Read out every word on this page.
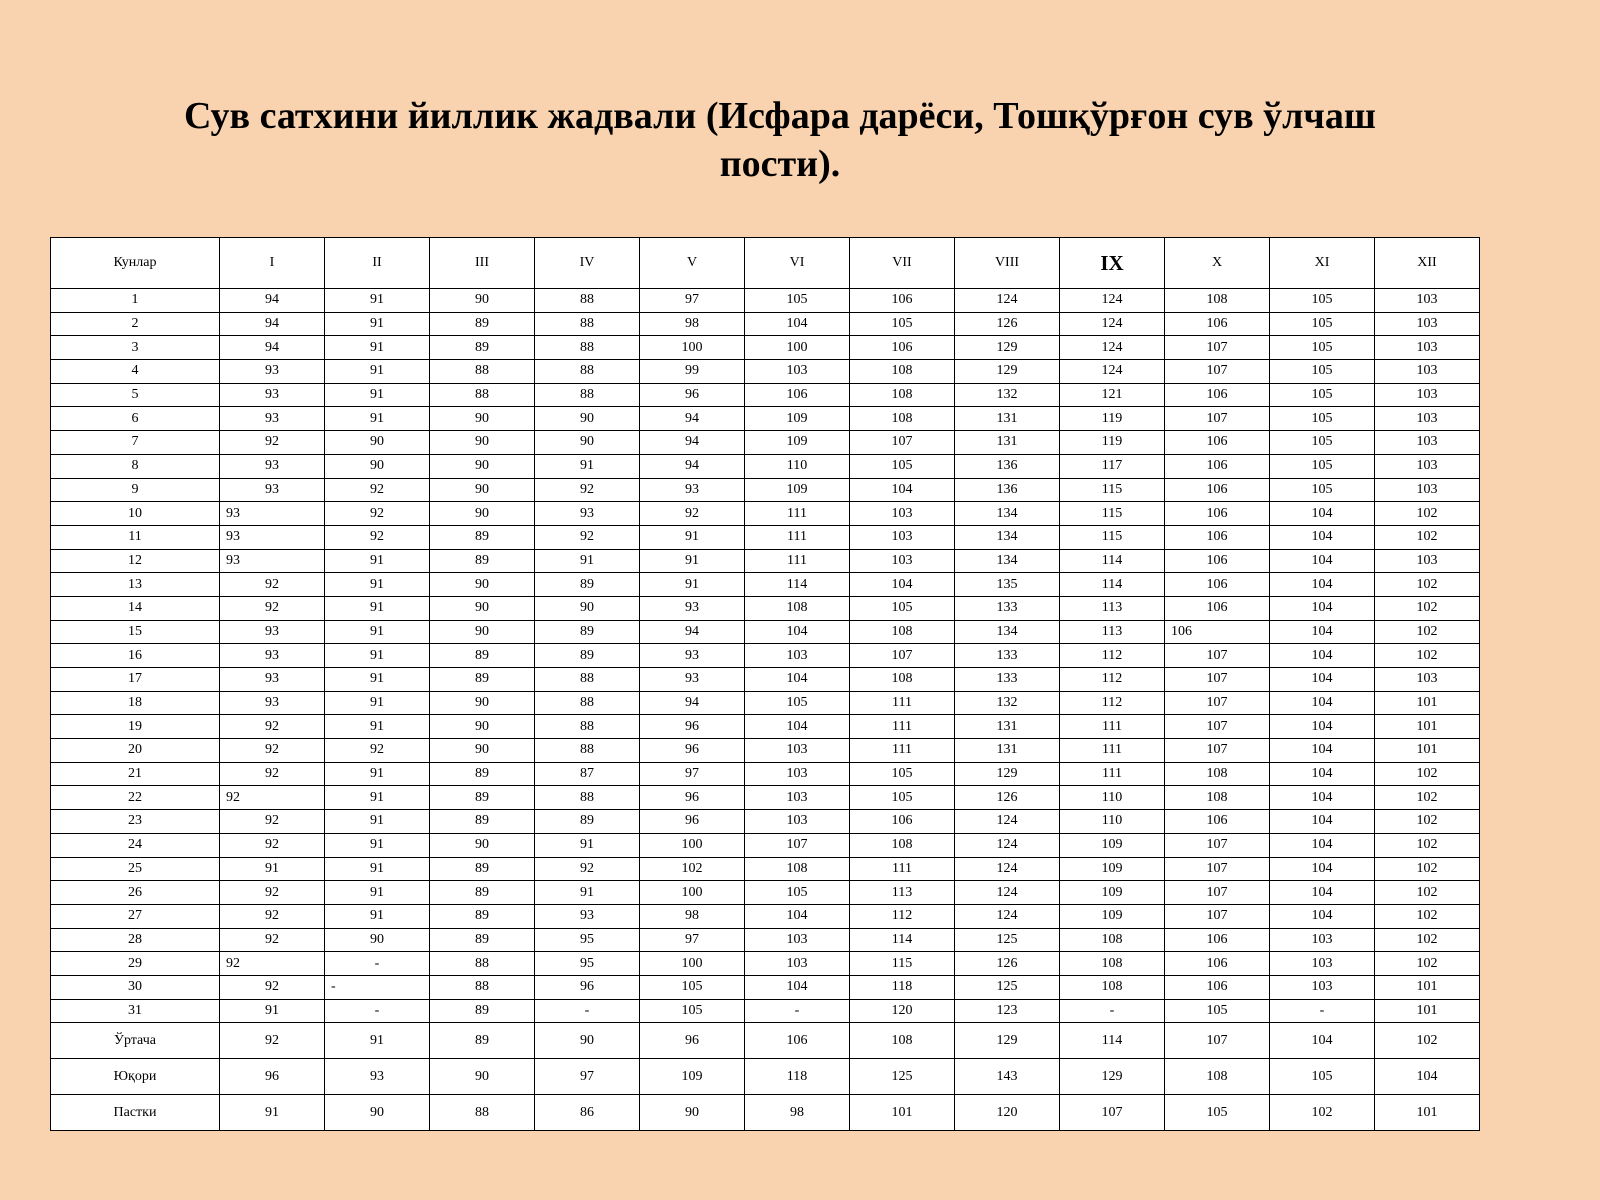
Сув сатхини йиллик жадвали (Исфара дарёси, Тошқўрғон сув ўлчаш
пости).
Кунлар	I	II	III	IV	V	VI	VII	VIII	IX	X	XI	XII
1	94	91	90	88	97	105	106	124	124	108	105	103
2	94	91	89	88	98	104	105	126	124	106	105	103
3	94	91	89	88	100	100	106	129	124	107	105	103
4	93	91	88	88	99	103	108	129	124	107	105	103
5	93	91	88	88	96	106	108	132	121	106	105	103
6	93	91	90	90	94	109	108	131	119	107	105	103
7	92	90	90	90	94	109	107	131	119	106	105	103
8	93	90	90	91	94	110	105	136	117	106	105	103
9	93	92	90	92	93	109	104	136	115	106	105	103
10	93	92	90	93	92	111	103	134	115	106	104	102
11	93	92	89	92	91	111	103	134	115	106	104	102
12	93	91	89	91	91	111	103	134	114	106	104	103
13	92	91	90	89	91	114	104	135	114	106	104	102
14	92	91	90	90	93	108	105	133	113	106	104	102
15	93	91	90	89	94	104	108	134	113	106	104	102
16	93	91	89	89	93	103	107	133	112	107	104	102
17	93	91	89	88	93	104	108	133	112	107	104	103
18	93	91	90	88	94	105	111	132	112	107	104	101
19	92	91	90	88	96	104	111	131	111	107	104	101
20	92	92	90	88	96	103	111	131	111	107	104	101
21	92	91	89	87	97	103	105	129	111	108	104	102
22	92	91	89	88	96	103	105	126	110	108	104	102
23	92	91	89	89	96	103	106	124	110	106	104	102
24	92	91	90	91	100	107	108	124	109	107	104	102
25	91	91	89	92	102	108	111	124	109	107	104	102
26	92	91	89	91	100	105	113	124	109	107	104	102
27	92	91	89	93	98	104	112	124	109	107	104	102
28	92	90	89	95	97	103	114	125	108	106	103	102
29	92	-	88	95	100	103	115	126	108	106	103	102
30	92	-	88	96	105	104	118	125	108	106	103	101
31	91	-	89	-	105	-	120	123	-	105	-	101
Ўртача	92	91	89	90	96	106	108	129	114	107	104	102
Юқори	96	93	90	97	109	118	125	143	129	108	105	104
Пастки	91	90	88	86	90	98	101	120	107	105	102	101
